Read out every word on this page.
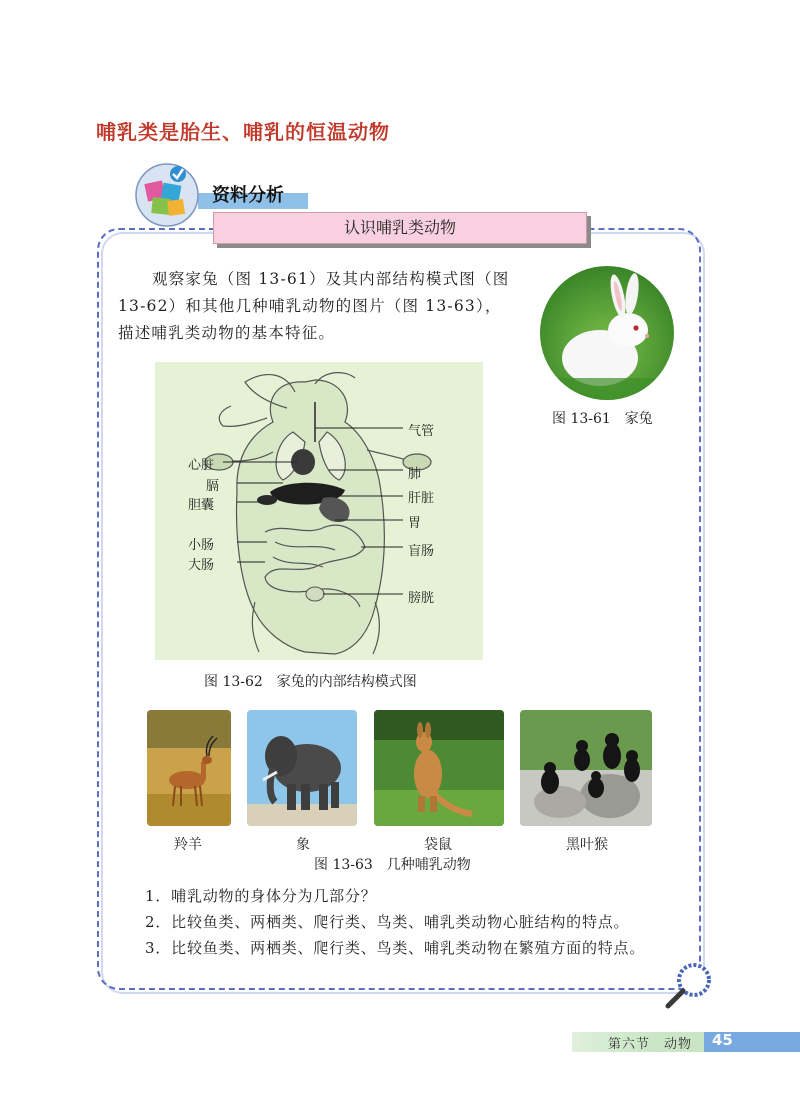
哺乳类是胎生、哺乳的恒温动物
资料分析
认识哺乳类动物
观察家兔（图 13-61）及其内部结构模式图（图
13-62）和其他几种哺乳动物的图片（图 13-63），
描述哺乳类动物的基本特征。
图 13-61　家兔
心脏
膈
胆囊
小肠
大肠
气管
肺
肝脏
胃
盲肠
膀胱
图 13-62　家兔的内部结构模式图
羚羊	象	袋鼠	黑叶猴
图 13-63　几种哺乳动物
1．哺乳动物的身体分为几部分？
2．比较鱼类、两栖类、爬行类、鸟类、哺乳类动物心脏结构的特点。
3．比较鱼类、两栖类、爬行类、鸟类、哺乳类动物在繁殖方面的特点。
第六节　动物 45
